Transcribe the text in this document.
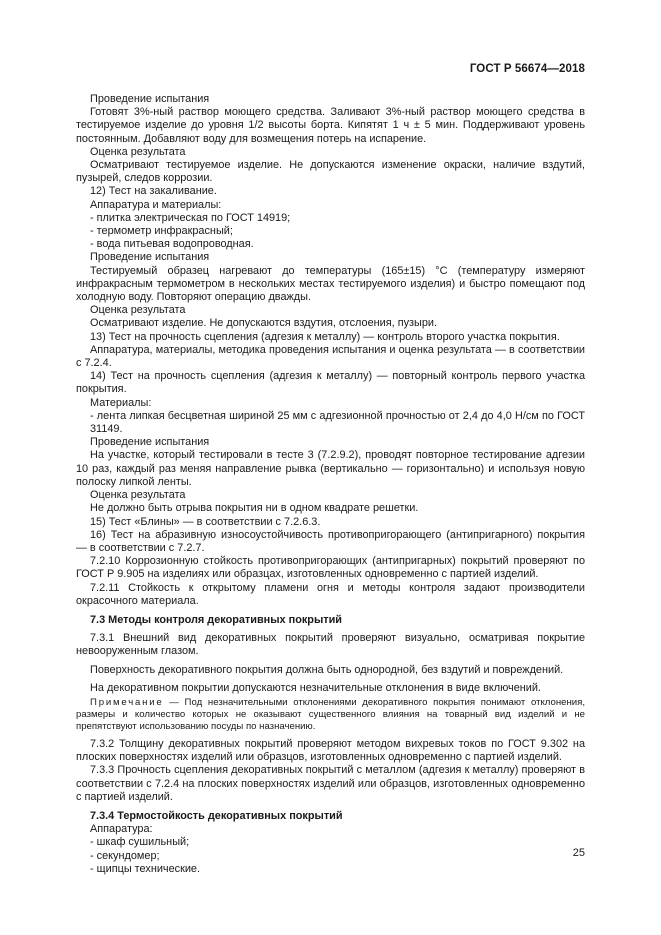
ГОСТ Р 56674—2018

Проведение испытания

Готовят 3%-ный раствор моющего средства. Заливают 3%-ный раствор моющего средства в тестируемое изделие до уровня 1/2 высоты борта. Кипятят 1 ч ± 5 мин. Поддерживают уровень постоянным. Добавляют воду для возмещения потерь на испарение.

Оценка результата

Осматривают тестируемое изделие. Не допускаются изменение окраски, наличие вздутий, пузырей, следов коррозии.

12) Тест на закаливание.

Аппаратура и материалы:

- плитка электрическая по ГОСТ 14919;

- термометр инфракрасный;

- вода питьевая водопроводная.

Проведение испытания

Тестируемый образец нагревают до температуры (165±15) °С (температуру измеряют инфракрасным термометром в нескольких местах тестируемого изделия) и быстро помещают под холодную воду. Повторяют операцию дважды.

Оценка результата

Осматривают изделие. Не допускаются вздутия, отслоения, пузыри.

13) Тест на прочность сцепления (адгезия к металлу) — контроль второго участка покрытия.

Аппаратура, материалы, методика проведения испытания и оценка результата — в соответствии с 7.2.4.

14) Тест на прочность сцепления (адгезия к металлу) — повторный контроль первого участка покрытия.

Материалы:

- лента липкая бесцветная шириной 25 мм с адгезионной прочностью от 2,4 до 4,0 Н/см по ГОСТ 31149.

Проведение испытания

На участке, который тестировали в тесте 3 (7.2.9.2), проводят повторное тестирование адгезии 10 раз, каждый раз меняя направление рывка (вертикально — горизонтально) и используя новую полоску липкой ленты.

Оценка результата

Не должно быть отрыва покрытия ни в одном квадрате решетки.

15) Тест «Блины» — в соответствии с 7.2.6.3.

16) Тест на абразивную износоустойчивость противопригорающего (антипригарного) покрытия — в соответствии с 7.2.7.

7.2.10 Коррозионную стойкость противопригорающих (антипригарных) покрытий проверяют по ГОСТ Р 9.905 на изделиях или образцах, изготовленных одновременно с партией изделий.

7.2.11 Стойкость к открытому пламени огня и методы контроля задают производители окрасочного материала.

7.3 Методы контроля декоративных покрытий

7.3.1 Внешний вид декоративных покрытий проверяют визуально, осматривая покрытие невооруженным глазом.

Поверхность декоративного покрытия должна быть однородной, без вздутий и повреждений.

На декоративном покрытии допускаются незначительные отклонения в виде включений.

Примечание — Под незначительными отклонениями декоративного покрытия понимают отклонения, размеры и количество которых не оказывают существенного влияния на товарный вид изделий и не препятствуют использованию посуды по назначению.

7.3.2 Толщину декоративных покрытий проверяют методом вихревых токов по ГОСТ 9.302 на плоских поверхностях изделий или образцов, изготовленных одновременно с партией изделий.

7.3.3 Прочность сцепления декоративных покрытий с металлом (адгезия к металлу) проверяют в соответствии с 7.2.4 на плоских поверхностях изделий или образцов, изготовленных одновременно с партией изделий.

7.3.4 Термостойкость декоративных покрытий

Аппаратура:

- шкаф сушильный;

- секундомер;

- щипцы технические.

25
